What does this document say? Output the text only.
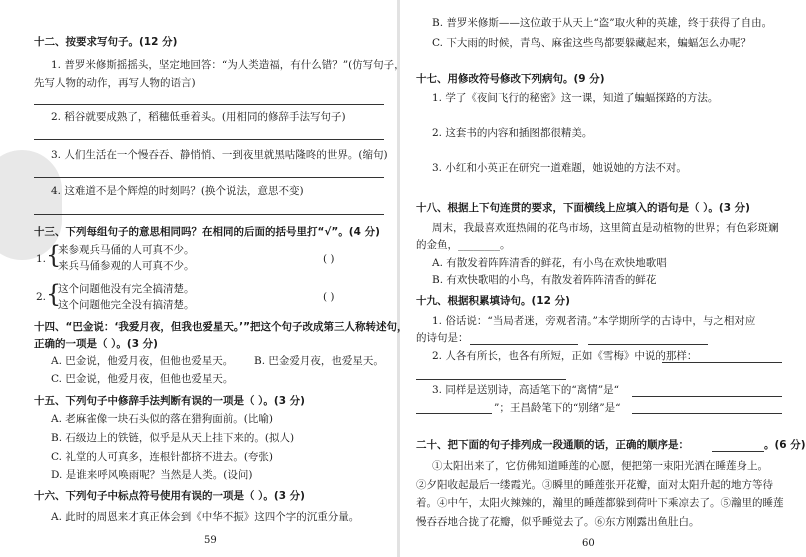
十二、按要求写句子。(12 分)
1. 普罗米修斯摇摇头，坚定地回答：“为人类造福，有什么错？”(仿写句子，
先写人物的动作，再写人物的语言)
2. 稻谷就要成熟了，稻穗低垂着头。(用相同的修辞手法写句子)
3. 人们生活在一个慢吞吞、静悄悄、一到夜里就黑咕隆咚的世界。(缩句)
4. 这难道不是个辉煌的时刻吗？(换个说法，意思不变)
十三、下列每组句子的意思相同吗？在相同的后面的括号里打“√”。(4 分)
1. {
来参观兵马俑的人可真不少。
来兵马俑参观的人可真不少。
( )
2. {
这个问题他没有完全搞清楚。
这个问题他完全没有搞清楚。
( )
十四、“巴金说：‘我爱月夜，但我也爱星天。’”把这个句子改成第三人称转述句，
正确的一项是（ ）。(3 分)
A. 巴金说，他爱月夜，但他也爱星天。 B. 巴金爱月夜，也爱星天。
C. 巴金说，他爱月夜，但他也爱星天。
十五、下列句子中修辞手法判断有误的一项是（ ）。(3 分)
A. 老麻雀像一块石头似的落在猎狗面前。(比喻)
B. 石级边上的铁链，似乎是从天上挂下来的。(拟人)
C. 礼堂的人可真多，连根针都挤不进去。(夸张)
D. 是谁来呼风唤雨呢？当然是人类。(设问)
十六、下列句子中标点符号使用有误的一项是（ ）。(3 分)
A. 此时的周恩来才真正体会到《中华不振》这四个字的沉重分量。
59
B. 普罗米修斯——这位敢于从天上“盗”取火种的英雄，终于获得了自由。
C. 下大雨的时候，青鸟、麻雀这些鸟都要躲藏起来，蝙蝠怎么办呢？
十七、用修改符号修改下列病句。(9 分)
1. 学了《夜间飞行的秘密》这一课，知道了蝙蝠探路的方法。
2. 这套书的内容和插图都很精美。
3. 小红和小英正在研究一道难题，她说她的方法不对。
十八、根据上下句连贯的要求，下面横线上应填入的语句是（ ）。(3 分)
周末，我最喜欢逛热闹的花鸟市场，这里简直是动植物的世界；有色彩斑斓
的金鱼，________。
A. 有散发着阵阵清香的鲜花，有小鸟在欢快地歌唱
B. 有欢快歌唱的小鸟，有散发着阵阵清香的鲜花
十九、根据积累填诗句。(12 分)
1. 俗话说：“当局者迷，旁观者清。”本学期所学的古诗中，与之相对应
的诗句是：
2. 人各有所长，也各有所短，正如《雪梅》中说的那样：
3. 同样是送别诗，高适笔下的“离情”是“
”；王昌龄笔下的“别绪”是“
二十、把下面的句子排列成一段通顺的话，正确的顺序是：	。(6 分)
①太阳出来了，它仿佛知道睡莲的心愿，便把第一束阳光洒在睡莲身上。
②夕阳收起最后一缕霞光。③瞬里的睡莲张开花瓣，面对太阳升起的地方等待
着。④中午，太阳火辣辣的，瀚里的睡莲都躲到荷叶下乘凉去了。⑤瀚里的睡莲
慢吞吞地合拢了花瓣，似乎睡觉去了。⑥东方刚露出鱼肚白。
60
